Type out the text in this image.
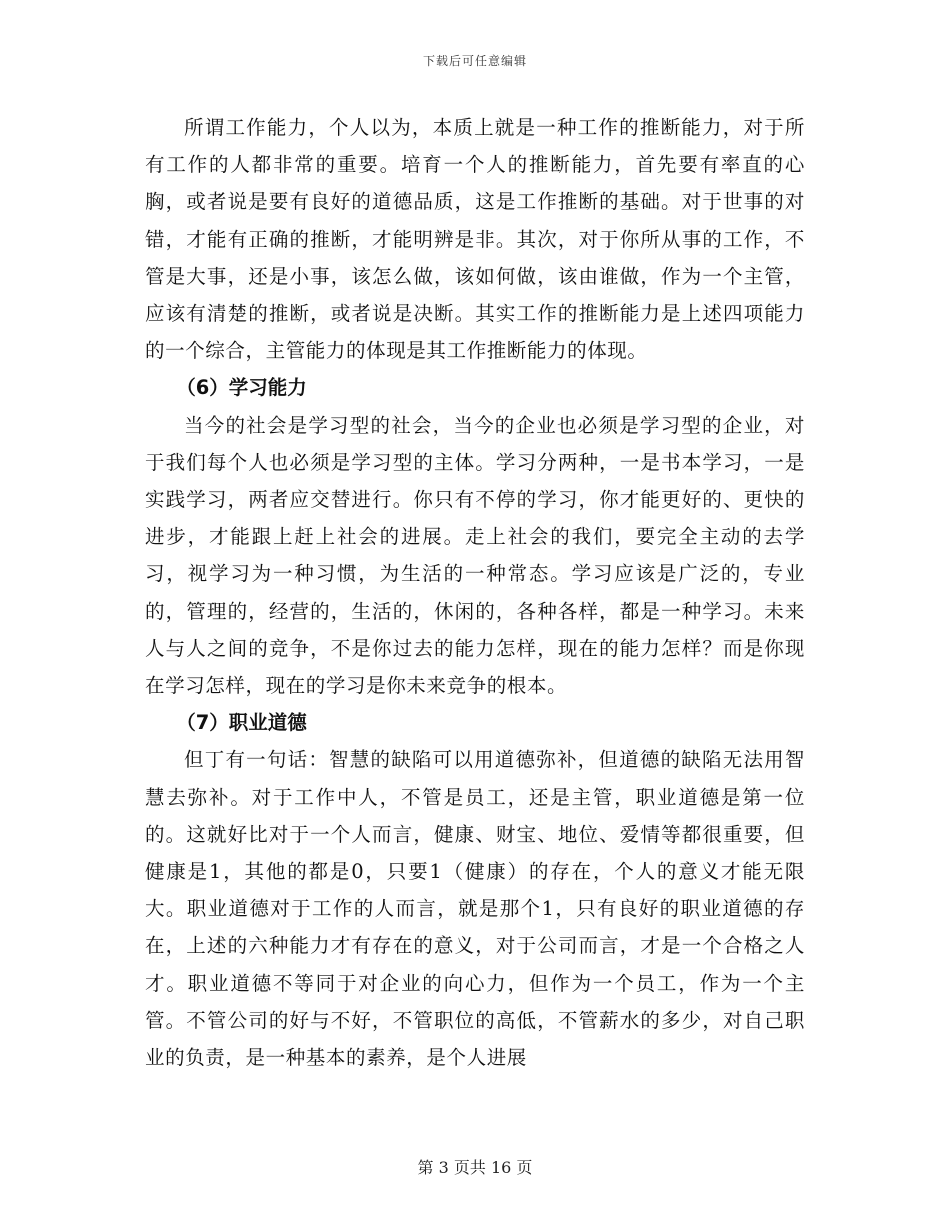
下载后可任意编辑

所谓工作能力，个人以为，本质上就是一种工作的推断能力，对于所有工作的人都非常的重要。培育一个人的推断能力，首先要有率直的心胸，或者说是要有良好的道德品质，这是工作推断的基础。对于世事的对错，才能有正确的推断，才能明辨是非。其次，对于你所从事的工作，不管是大事，还是小事，该怎么做，该如何做，该由谁做，作为一个主管，应该有清楚的推断，或者说是决断。其实工作的推断能力是上述四项能力的一个综合，主管能力的体现是其工作推断能力的体现。

（6）学习能力

当今的社会是学习型的社会，当今的企业也必须是学习型的企业，对于我们每个人也必须是学习型的主体。学习分两种，一是书本学习，一是实践学习，两者应交替进行。你只有不停的学习，你才能更好的、更快的进步，才能跟上赶上社会的进展。走上社会的我们，要完全主动的去学习，视学习为一种习惯，为生活的一种常态。学习应该是广泛的，专业的，管理的，经营的，生活的，休闲的，各种各样，都是一种学习。未来人与人之间的竞争，不是你过去的能力怎样，现在的能力怎样？而是你现在学习怎样，现在的学习是你未来竞争的根本。

（7）职业道德

但丁有一句话：智慧的缺陷可以用道德弥补，但道德的缺陷无法用智慧去弥补。对于工作中人，不管是员工，还是主管，职业道德是第一位的。这就好比对于一个人而言，健康、财宝、地位、爱情等都很重要，但健康是1，其他的都是0，只要1（健康）的存在，个人的意义才能无限大。职业道德对于工作的人而言，就是那个1，只有良好的职业道德的存在，上述的六种能力才有存在的意义，对于公司而言，才是一个合格之人才。职业道德不等同于对企业的向心力，但作为一个员工，作为一个主管。不管公司的好与不好，不管职位的高低，不管薪水的多少，对自己职业的负责，是一种基本的素养，是个人进展

第 3 页共 16 页
